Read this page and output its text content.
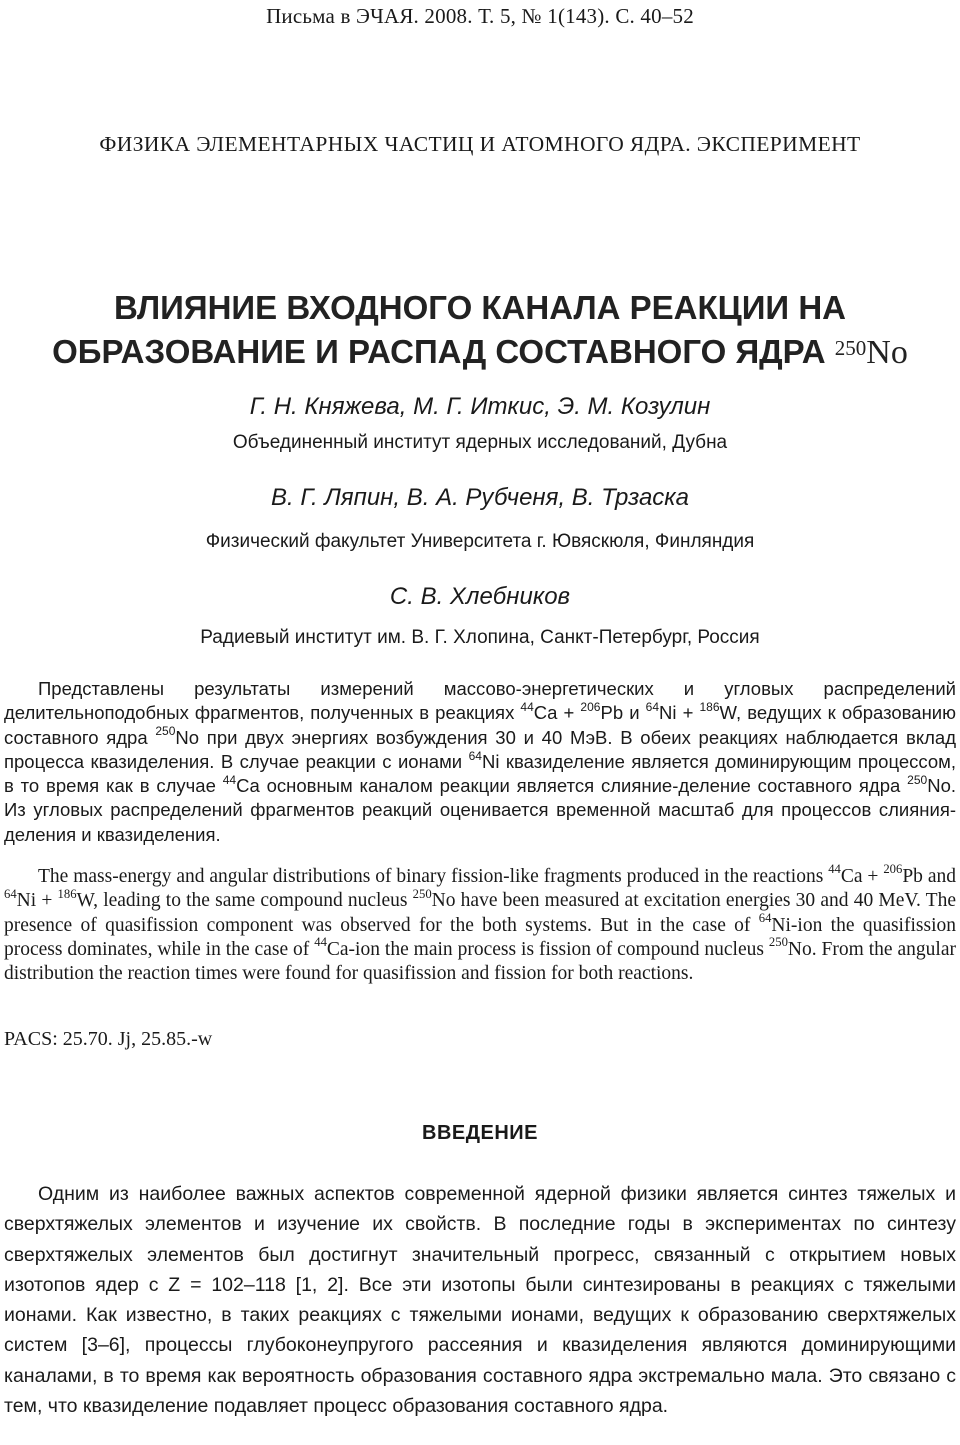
Письма в ЭЧАЯ. 2008. Т. 5, № 1(143). С. 40–52
ФИЗИКА ЭЛЕМЕНТАРНЫХ ЧАСТИЦ И АТОМНОГО ЯДРА. ЭКСПЕРИМЕНТ
ВЛИЯНИЕ ВХОДНОГО КАНАЛА РЕАКЦИИ НА
ОБРАЗОВАНИЕ И РАСПАД СОСТАВНОГО ЯДРА $^{250}$No
Г. Н. Княжева, М. Г. Иткис, Э. М. Козулин
Объединенный институт ядерных исследований, Дубна
В. Г. Ляпин, В. А. Рубченя, В. Трзаска
Физический факультет Университета г. Ювяскюля, Финляндия
С. В. Хлебников
Радиевый институт им. В. Г. Хлопина, Санкт-Петербург, Россия

Представлены результаты измерений массово-энергетических и угловых распределений делительноподобных фрагментов, полученных в реакциях $^{44}$Ca + $^{206}$Pb и $^{64}$Ni + $^{186}$W, ведущих к образованию составного ядра $^{250}$No при двух энергиях возбуждения 30 и 40 МэВ. В обеих реакциях наблюдается вклад процесса квазиделения. В случае реакции с ионами $^{64}$Ni квазиделение является доминирующим процессом, в то время как в случае $^{44}$Ca основным каналом реакции является слияние-деление составного ядра $^{250}$No. Из угловых распределений фрагментов реакций оценивается временной масштаб для процессов слияния-деления и квазиделения.

The mass-energy and angular distributions of binary fission-like fragments produced in the reactions $^{44}$Ca + $^{206}$Pb and $^{64}$Ni + $^{186}$W, leading to the same compound nucleus $^{250}$No have been measured at excitation energies 30 and 40 MeV. The presence of quasifission component was observed for the both systems. But in the case of $^{64}$Ni-ion the quasifission process dominates, while in the case of $^{44}$Ca-ion the main process is fission of compound nucleus $^{250}$No. From the angular distribution the reaction times were found for quasifission and fission for both reactions.

PACS: 25.70. Jj, 25.85.-w
ВВЕДЕНИЕ

Одним из наиболее важных аспектов современной ядерной физики является синтез тяжелых и сверхтяжелых элементов и изучение их свойств. В последние годы в экспериментах по синтезу сверхтяжелых элементов был достигнут значительный прогресс, связанный с открытием новых изотопов ядер с Z = 102–118 [1, 2]. Все эти изотопы были синтезированы в реакциях с тяжелыми ионами. Как известно, в таких реакциях с тяжелыми ионами, ведущих к образованию сверхтяжелых систем [3–6], процессы глубоконеупругого рассеяния и квазиделения являются доминирующими каналами, в то время как вероятность образования составного ядра экстремально мала. Это связано с тем, что квазиделение подавляет процесс образования составного ядра.
